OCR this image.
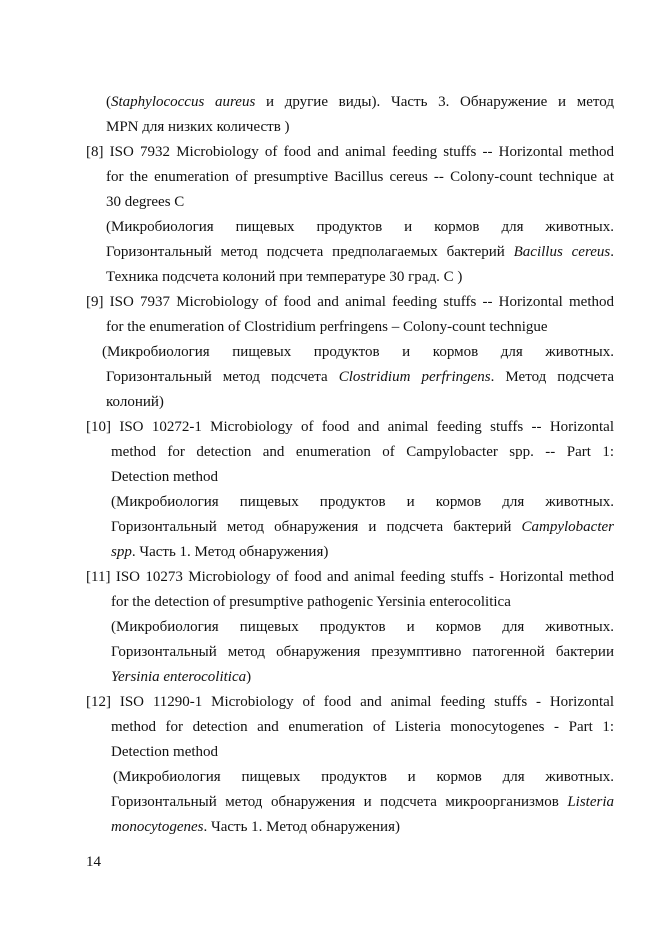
(Staphylococcus aureus и другие виды). Часть 3. Обнаружение и метод
MPN для низких количеств )
[8] ISO 7932 Microbiology of food and animal feeding stuffs -- Horizontal method
for the enumeration of presumptive Bacillus cereus -- Colony-count technique at
30 degrees C
(Микробиология пищевых продуктов и кормов для животных.
Горизонтальный метод подсчета предполагаемых бактерий Bacillus cereus.
Техника подсчета колоний при температуре 30 град. С )
[9] ISO 7937 Microbiology of food and animal feeding stuffs -- Horizontal method
for the enumeration of Clostridium perfringens – Colony-count technigue
(Микробиология пищевых продуктов и кормов для животных.
Горизонтальный метод подсчета Clostridium perfringens. Метод подсчета
колоний)
[10] ISO 10272-1 Microbiology of food and animal feeding stuffs -- Horizontal
method for detection and enumeration of Campylobacter spp. -- Part 1:
Detection method
(Микробиология пищевых продуктов и кормов для животных.
Горизонтальный метод обнаружения и подсчета бактерий Campylobacter
spp. Часть 1. Метод обнаружения)
[11] ISO 10273 Microbiology of food and animal feeding stuffs - Horizontal method
for the detection of presumptive pathogenic Yersinia enterocolitica
(Микробиология пищевых продуктов и кормов для животных.
Горизонтальный метод обнаружения презумптивно патогенной бактерии
Yersinia enterocolitica)
[12] ISO 11290-1 Microbiology of food and animal feeding stuffs - Horizontal
method for detection and enumeration of Listeria monocytogenes - Part 1:
Detection method
(Микробиология пищевых продуктов и кормов для животных.
Горизонтальный метод обнаружения и подсчета микроорганизмов Listeria
monocytogenes. Часть 1. Метод обнаружения)
14
